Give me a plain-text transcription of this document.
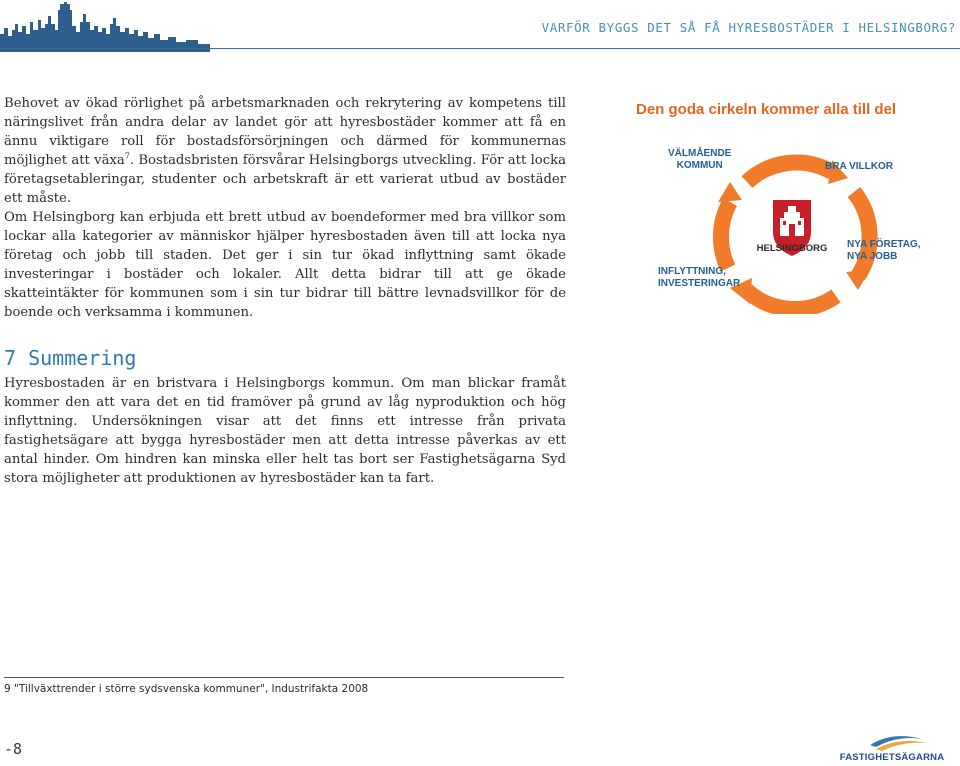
VARFÖR BYGGS DET SÅ FÅ HYRESBOSTÄDER I HELSINGBORG?

Behovet av ökad rörlighet på arbetsmarknaden och rekrytering av kompetens till näringslivet från andra delar av landet gör att hyresbostäder kommer att få en ännu viktigare roll för bostadsförsörjningen och därmed för kommunernas möjlighet att växa$^7$. Bostadsbristen försvårar Helsingborgs utveckling. För att locka företagsetableringar, studenter och arbetskraft är ett varierat utbud av bostäder ett måste.

Om Helsingborg kan erbjuda ett brett utbud av boendeformer med bra villkor som lockar alla kategorier av människor hjälper hyresbostaden även till att locka nya företag och jobb till staden. Det ger i sin tur ökad inflyttning samt ökade investeringar i bostäder och lokaler. Allt detta bidrar till att ge ökade skatteintäkter för kommunen som i sin tur bidrar till bättre levnadsvillkor för de boende och verksamma i kommunen.

Den goda cirkeln kommer alla till del

VÄLMÅENDE
KOMMUN	BRA VILLKOR

NYA FÖRETAG,
NYA JOBB

INFLYTTNING,
INVESTERINGAR

HELSINGBORG
7 Summering

Hyresbostaden är en bristvara i Helsingborgs kommun. Om man blickar framåt kommer den att vara det en tid framöver på grund av låg nyproduktion och hög inflyttning. Undersökningen visar att det finns ett intresse från privata fastighetsägare att bygga hyresbostäder men att detta intresse påverkas av ett antal hinder. Om hindren kan minska eller helt tas bort ser Fastighetsägarna Syd stora möjligheter att produktionen av hyresbostäder kan ta fart.

9 "Tillväxttrender i större sydsvenska kommuner", Industrifakta 2008
-8	FASTIGHETSÄGARNA
